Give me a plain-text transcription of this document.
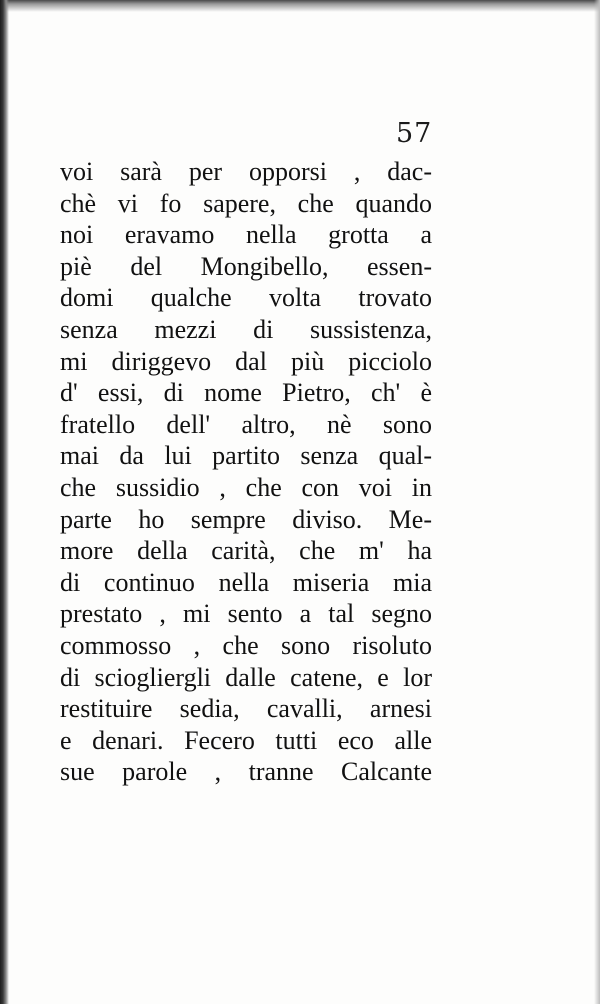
57
voi sarà per opporsi , dac-
chè vi fo sapere, che quando
noi eravamo nella grotta a
piè del Mongibello, essen-
domi qualche volta trovato
senza mezzi di sussistenza,
mi diriggevo dal più picciolo
d' essi, di nome Pietro, ch' è
fratello dell' altro, nè sono
mai da lui partito senza qual-
che sussidio , che con voi in
parte ho sempre diviso. Me-
more della carità, che m' ha
di continuo nella miseria mia
prestato , mi sento a tal segno
commosso , che sono risoluto
di sciogliergli dalle catene, e lor
restituire sedia, cavalli, arnesi
e denari. Fecero tutti eco alle
sue parole , tranne Calcante
